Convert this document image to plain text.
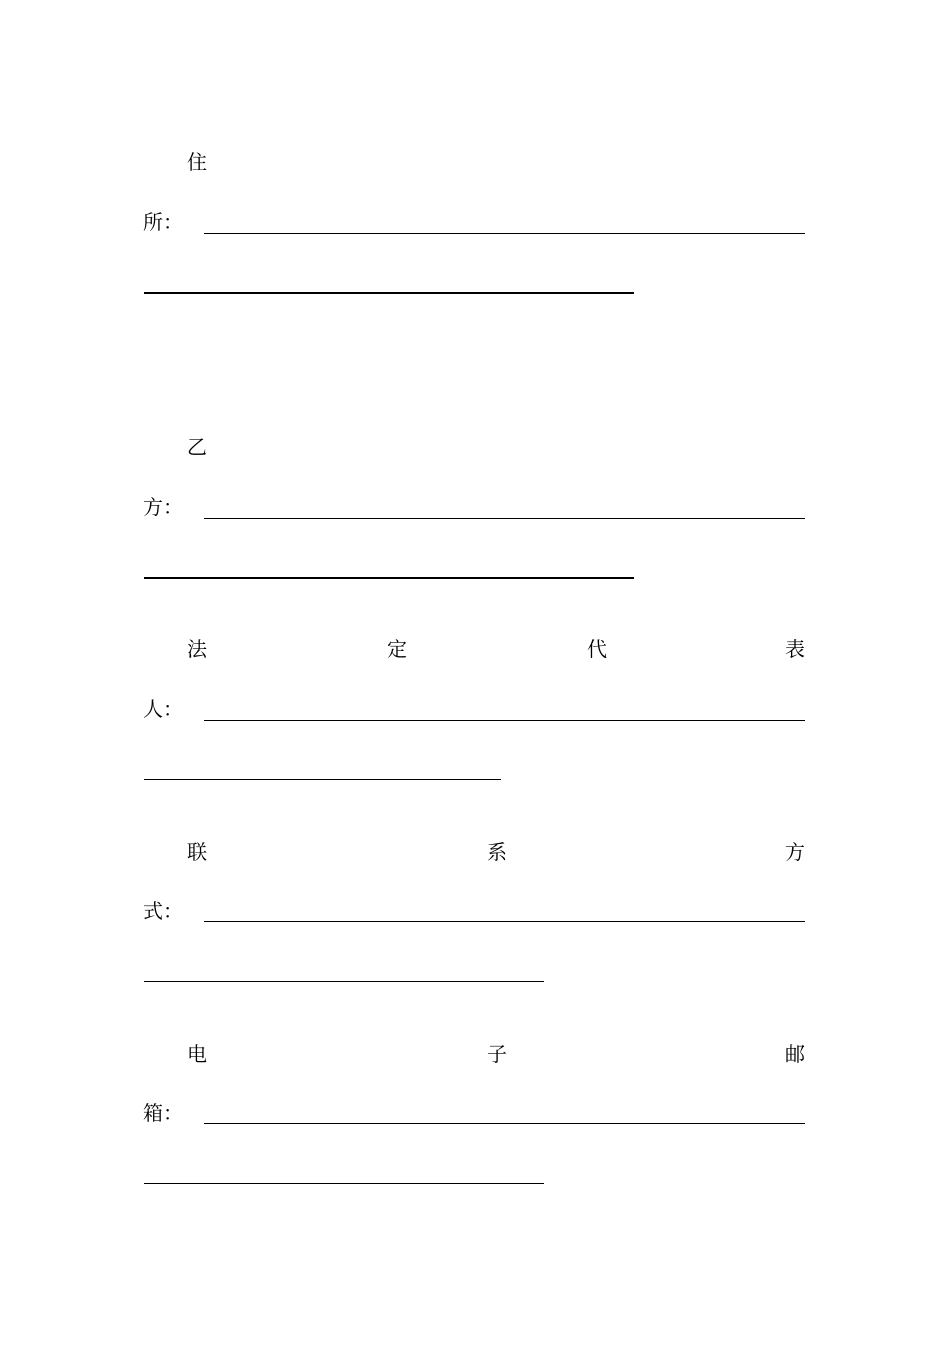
住
所：
乙
方：
法	定	代	表
人：
联	系	方
式：
电	子	邮
箱：
